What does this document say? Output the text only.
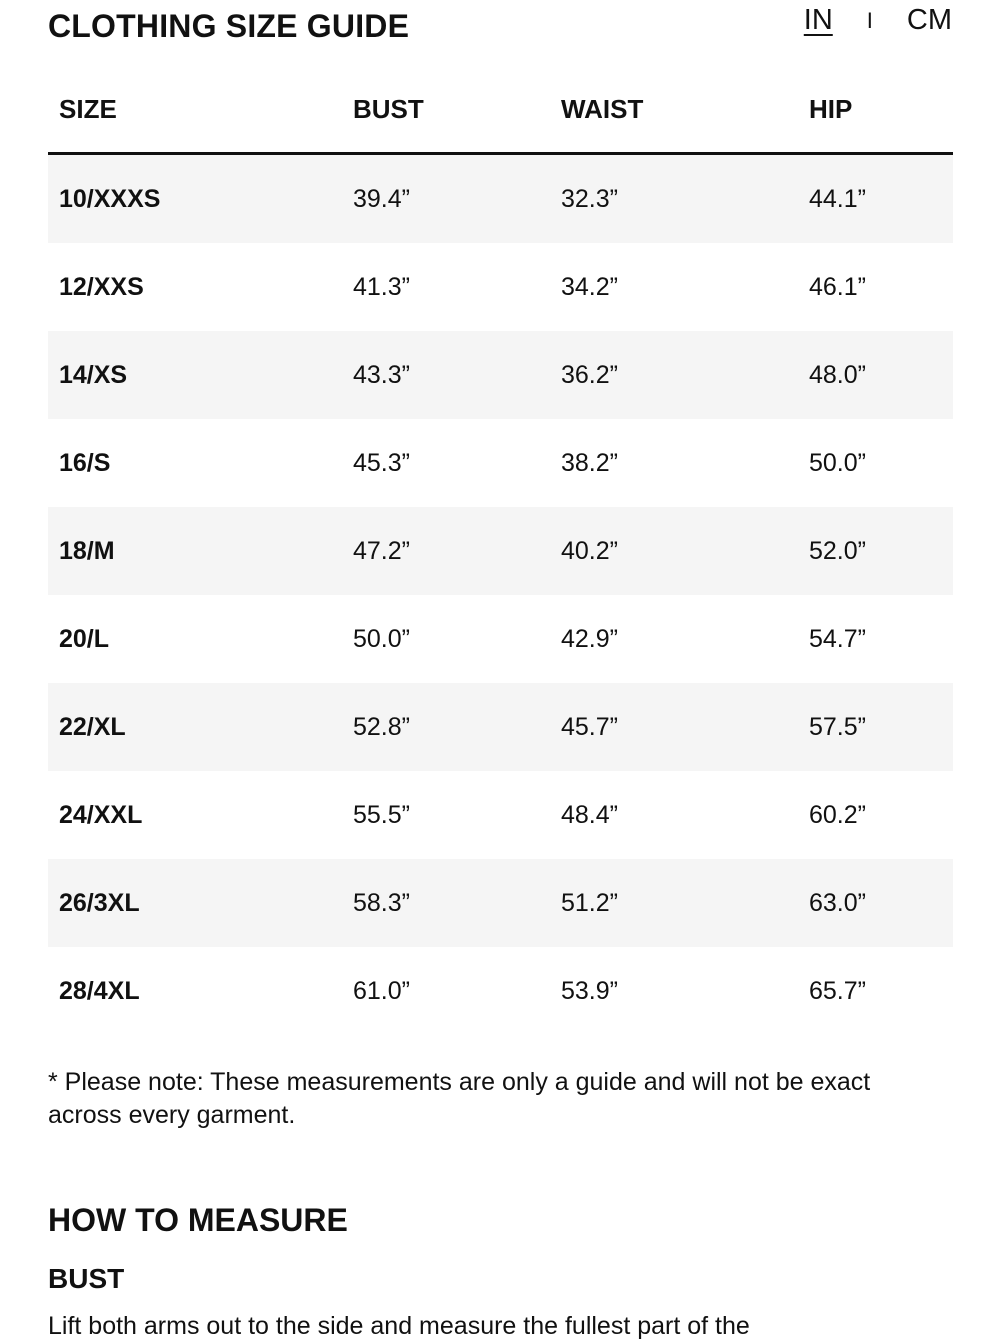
CLOTHING SIZE GUIDE	IN I CM
SIZE	BUST	WAIST	HIP
10/XXXS	39.4”	32.3”	44.1”
12/XXS	41.3”	34.2”	46.1”
14/XS	43.3”	36.2”	48.0”
16/S	45.3”	38.2”	50.0”
18/M	47.2”	40.2”	52.0”
20/L	50.0”	42.9”	54.7”
22/XL	52.8”	45.7”	57.5”
24/XXL	55.5”	48.4”	60.2”
26/3XL	58.3”	51.2”	63.0”
28/4XL	61.0”	53.9”	65.7”
* Please note: These measurements are only a guide and will not be exact across every garment.
HOW TO MEASURE
BUST
Lift both arms out to the side and measure the fullest part of the
